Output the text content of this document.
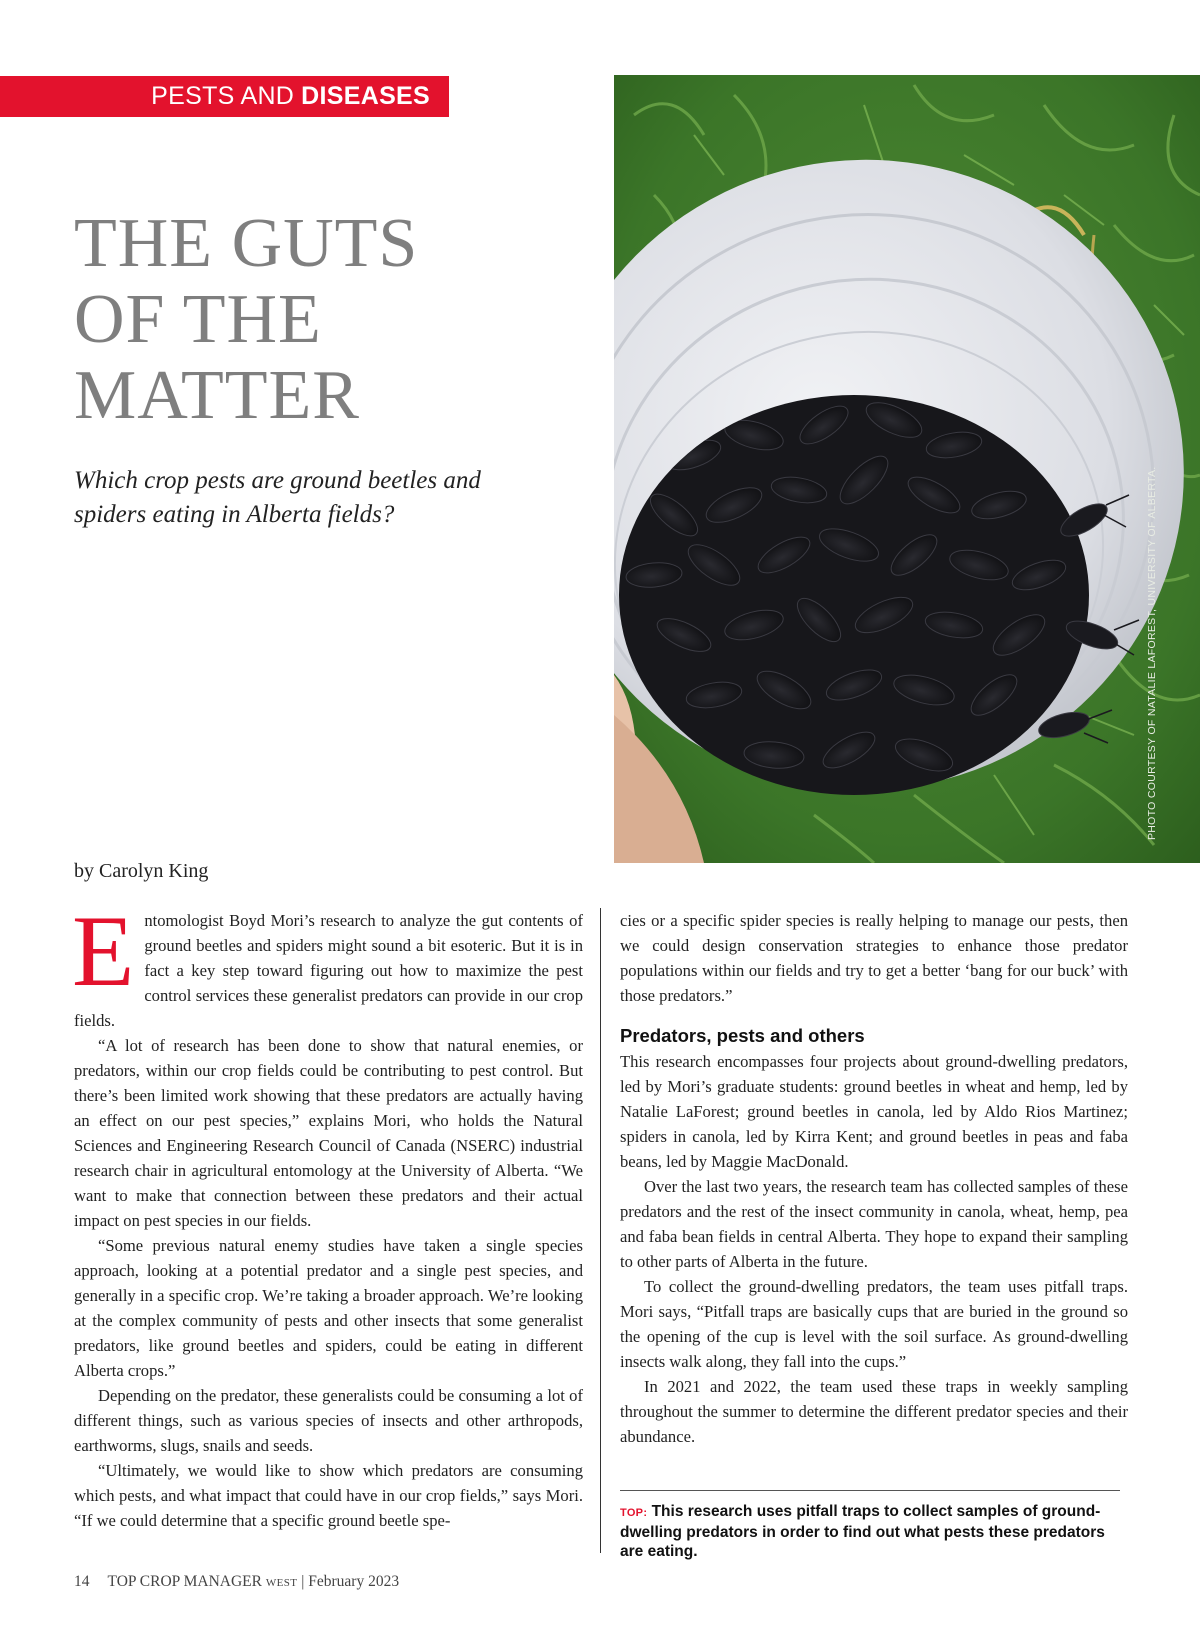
PESTS AND DISEASES
THE GUTS
OF THE
MATTER

Which crop pests are ground beetles and spiders eating in Alberta fields?	PHOTO COURTESY OF NATALIE LAFOREST, UNIVERSITY OF ALBERTA.
by Carolyn King

Entomologist Boyd Mori’s research to analyze the gut contents of ground beetles and spiders might sound a bit esoteric. But it is in fact a key step toward figuring out how to maximize the pest control services these generalist predators can provide in our crop fields.

“A lot of research has been done to show that natural enemies, or predators, within our crop fields could be contributing to pest control. But there’s been limited work showing that these predators are actually having an effect on our pest species,” explains Mori, who holds the Natural Sciences and Engineering Research Council of Canada (NSERC) industrial research chair in agricultural entomology at the University of Alberta. “We want to make that connection between these predators and their actual impact on pest species in our fields.

“Some previous natural enemy studies have taken a single species approach, looking at a potential predator and a single pest species, and generally in a specific crop. We’re taking a broader approach. We’re looking at the complex community of pests and other insects that some generalist predators, like ground beetles and spiders, could be eating in different Alberta crops.”

Depending on the predator, these generalists could be consuming a lot of different things, such as various species of insects and other arthropods, earthworms, slugs, snails and seeds.

“Ultimately, we would like to show which predators are consuming which pests, and what impact that could have in our crop fields,” says Mori. “If we could determine that a specific ground beetle spe-

cies or a specific spider species is really helping to manage our pests, then we could design conservation strategies to enhance those predator populations within our fields and try to get a better ‘bang for our buck’ with those predators.”

Predators, pests and others

This research encompasses four projects about ground-dwelling predators, led by Mori’s graduate students: ground beetles in wheat and hemp, led by Natalie LaForest; ground beetles in canola, led by Aldo Rios Martinez; spiders in canola, led by Kirra Kent; and ground beetles in peas and faba beans, led by Maggie MacDonald.

Over the last two years, the research team has collected samples of these predators and the rest of the insect community in canola, wheat, hemp, pea and faba bean fields in central Alberta. They hope to expand their sampling to other parts of Alberta in the future.

To collect the ground-dwelling predators, the team uses pitfall traps. Mori says, “Pitfall traps are basically cups that are buried in the ground so the opening of the cup is level with the soil surface. As ground-dwelling insects walk along, they fall into the cups.”

In 2021 and 2022, the team used these traps in weekly sampling throughout the summer to determine the different predator species and their abundance.

TOP: This research uses pitfall traps to collect samples of ground-dwelling predators in order to find out what pests these predators are eating.
14 TOP CROP MANAGER WEST | February 2023
